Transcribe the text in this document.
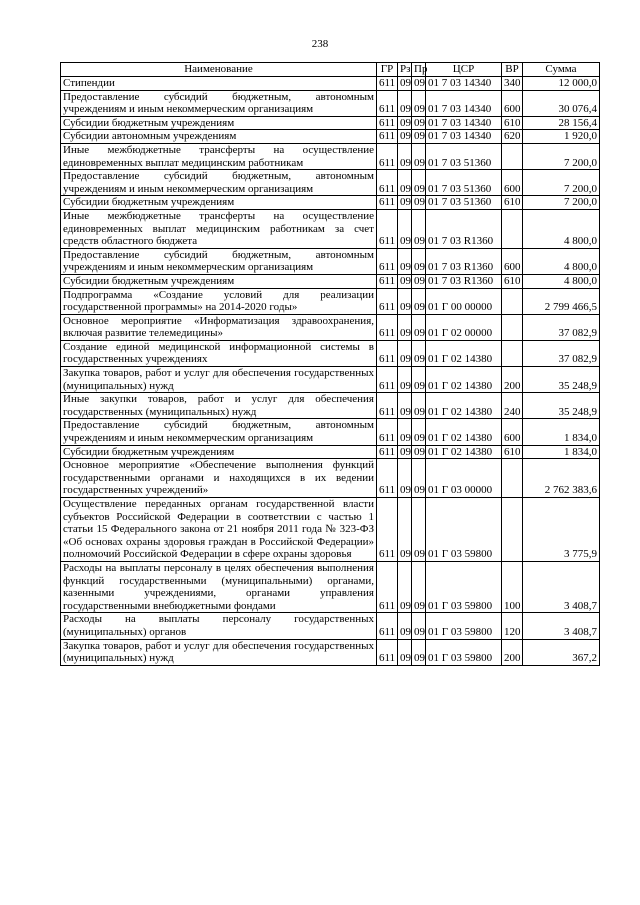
238
Наименование	ГР	Рз	Пр	ЦСР	ВР	Сумма
Стипендии	611	09	09	01 7 03 14340	340	12 000,0
Предоставление субсидий бюджетным, автономным учреждениям и иным некоммерческим организациям	611	09	09	01 7 03 14340	600	30 076,4
Субсидии бюджетным учреждениям	611	09	09	01 7 03 14340	610	28 156,4
Субсидии автономным учреждениям	611	09	09	01 7 03 14340	620	1 920,0
Иные межбюджетные трансферты на осуществление единовременных выплат медицинским работникам	611	09	09	01 7 03 51360		7 200,0
Предоставление субсидий бюджетным, автономным учреждениям и иным некоммерческим организациям	611	09	09	01 7 03 51360	600	7 200,0
Субсидии бюджетным учреждениям	611	09	09	01 7 03 51360	610	7 200,0
Иные межбюджетные трансферты на осуществление единовременных выплат медицинским работникам за счет средств областного бюджета	611	09	09	01 7 03 R1360		4 800,0
Предоставление субсидий бюджетным, автономным учреждениям и иным некоммерческим организациям	611	09	09	01 7 03 R1360	600	4 800,0
Субсидии бюджетным учреждениям	611	09	09	01 7 03 R1360	610	4 800,0
Подпрограмма «Создание условий для реализации государственной программы» на 2014-2020 годы»	611	09	09	01 Г 00 00000		2 799 466,5
Основное мероприятие «Информатизация здравоохранения, включая развитие телемедицины»	611	09	09	01 Г 02 00000		37 082,9
Создание единой медицинской информационной системы в государственных учреждениях	611	09	09	01 Г 02 14380		37 082,9
Закупка товаров, работ и услуг для обеспечения государственных (муниципальных) нужд	611	09	09	01 Г 02 14380	200	35 248,9
Иные закупки товаров, работ и услуг для обеспечения государственных (муниципальных) нужд	611	09	09	01 Г 02 14380	240	35 248,9
Предоставление субсидий бюджетным, автономным учреждениям и иным некоммерческим организациям	611	09	09	01 Г 02 14380	600	1 834,0
Субсидии бюджетным учреждениям	611	09	09	01 Г 02 14380	610	1 834,0
Основное мероприятие «Обеспечение выполнения функций государственными органами и находящихся в их ведении государственных учреждений»	611	09	09	01 Г 03 00000		2 762 383,6
Осуществление переданных органам государственной власти субъектов Российской Федерации в соответствии с частью 1 статьи 15 Федерального закона от 21 ноября 2011 года № 323-ФЗ «Об основах охраны здоровья граждан в Российской Федерации» полномочий Российской Федерации в сфере охраны здоровья	611	09	09	01 Г 03 59800		3 775,9
Расходы на выплаты персоналу в целях обеспечения выполнения функций государственными (муниципальными) органами, казенными учреждениями, органами управления государственными внебюджетными фондами	611	09	09	01 Г 03 59800	100	3 408,7
Расходы на выплаты персоналу государственных (муниципальных) органов	611	09	09	01 Г 03 59800	120	3 408,7
Закупка товаров, работ и услуг для обеспечения государственных (муниципальных) нужд	611	09	09	01 Г 03 59800	200	367,2
